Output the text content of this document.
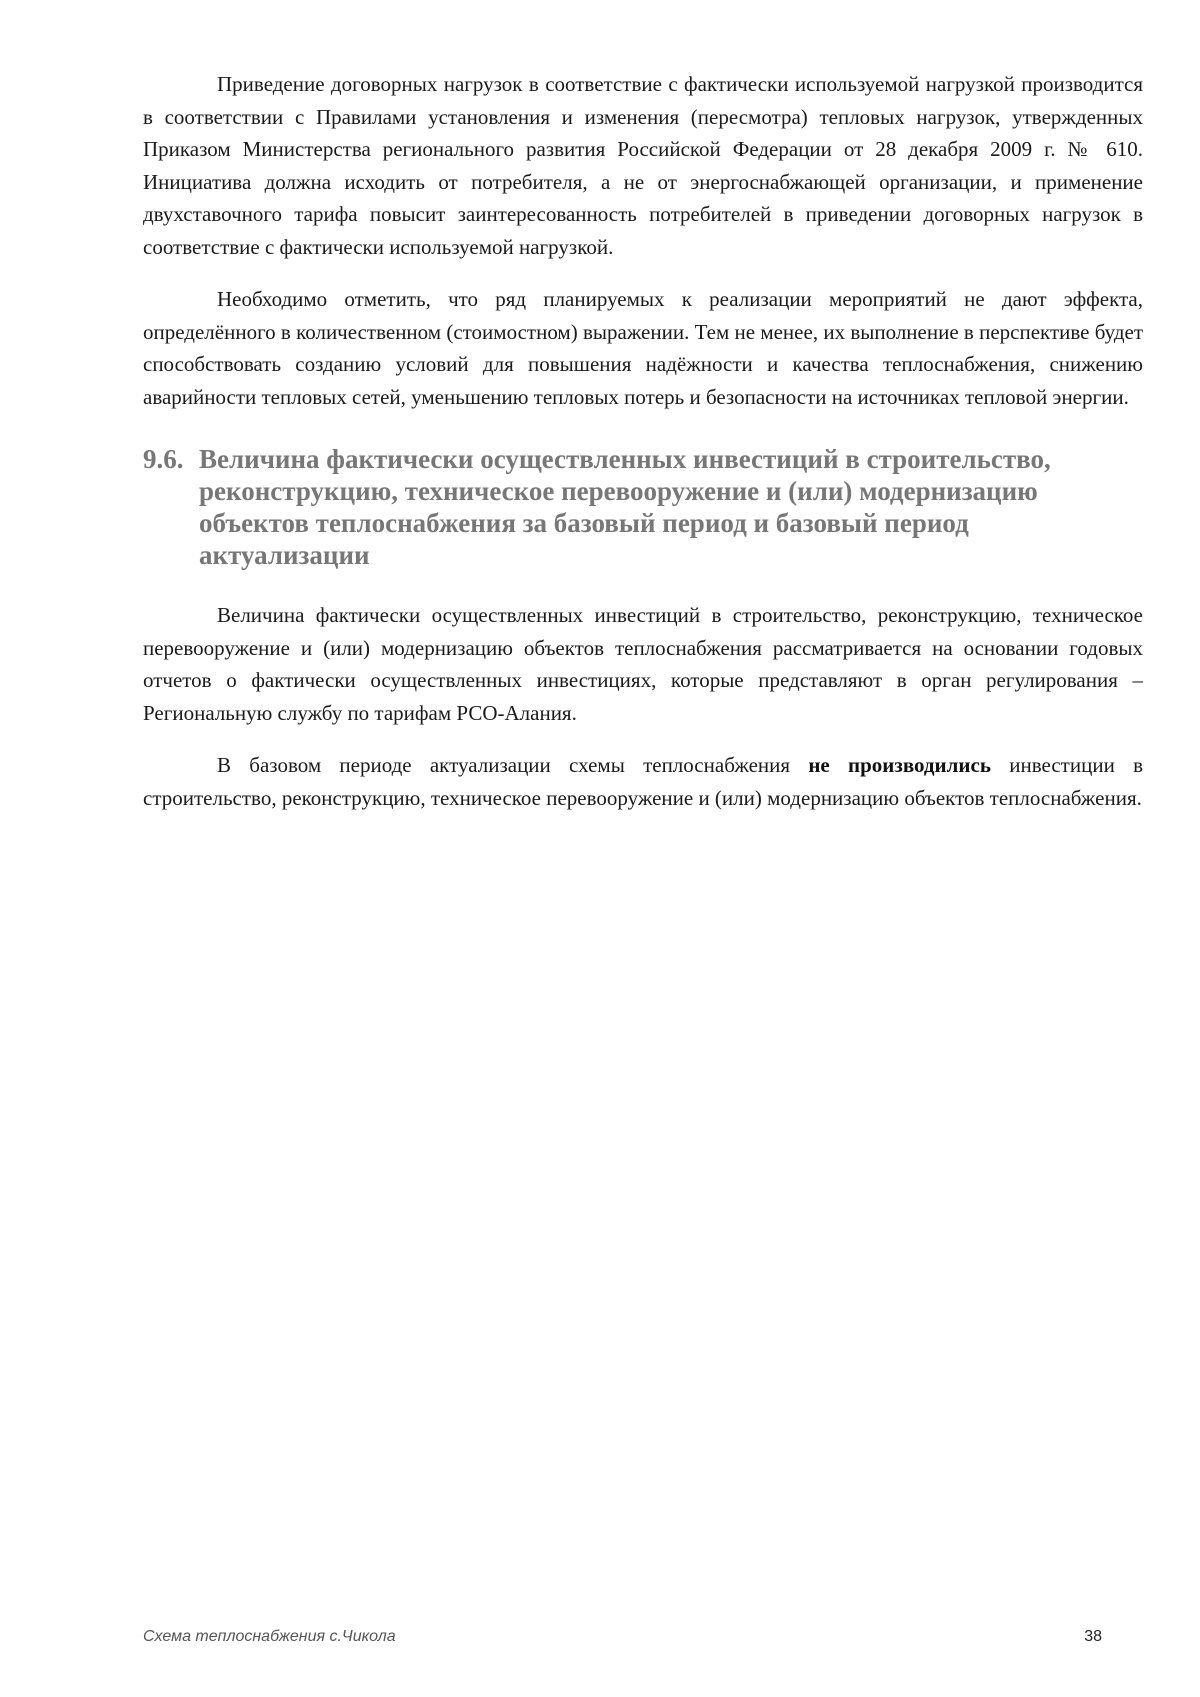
Приведение договорных нагрузок в соответствие с фактически используемой нагрузкой производится в соответствии с Правилами установления и изменения (пересмотра) тепловых нагрузок, утвержденных Приказом Министерства регионального развития Российской Федерации от 28 декабря 2009 г. № 610. Инициатива должна исходить от потребителя, а не от энергоснабжающей организации, и применение двухставочного тарифа повысит заинтересованность потребителей в приведении договорных нагрузок в соответствие с фактически используемой нагрузкой.

Необходимо отметить, что ряд планируемых к реализации мероприятий не дают эффекта, определённого в количественном (стоимостном) выражении. Тем не менее, их выполнение в перспективе будет способствовать созданию условий для повышения надёжности и качества теплоснабжения, снижению аварийности тепловых сетей, уменьшению тепловых потерь и безопасности на источниках тепловой энергии.

9.6. Величина фактически осуществленных инвестиций в строительство, реконструкцию, техническое перевооружение и (или) модернизацию объектов теплоснабжения за базовый период и базовый период актуализации

Величина фактически осуществленных инвестиций в строительство, реконструкцию, техническое перевооружение и (или) модернизацию объектов теплоснабжения рассматривается на основании годовых отчетов о фактически осуществленных инвестициях, которые представляют в орган регулирования – Региональную службу по тарифам РСО-Алания.

В базовом периоде актуализации схемы теплоснабжения не производились инвестиции в строительство, реконструкцию, техническое перевооружение и (или) модернизацию объектов теплоснабжения.

Схема теплоснабжения с.Чикола	38
